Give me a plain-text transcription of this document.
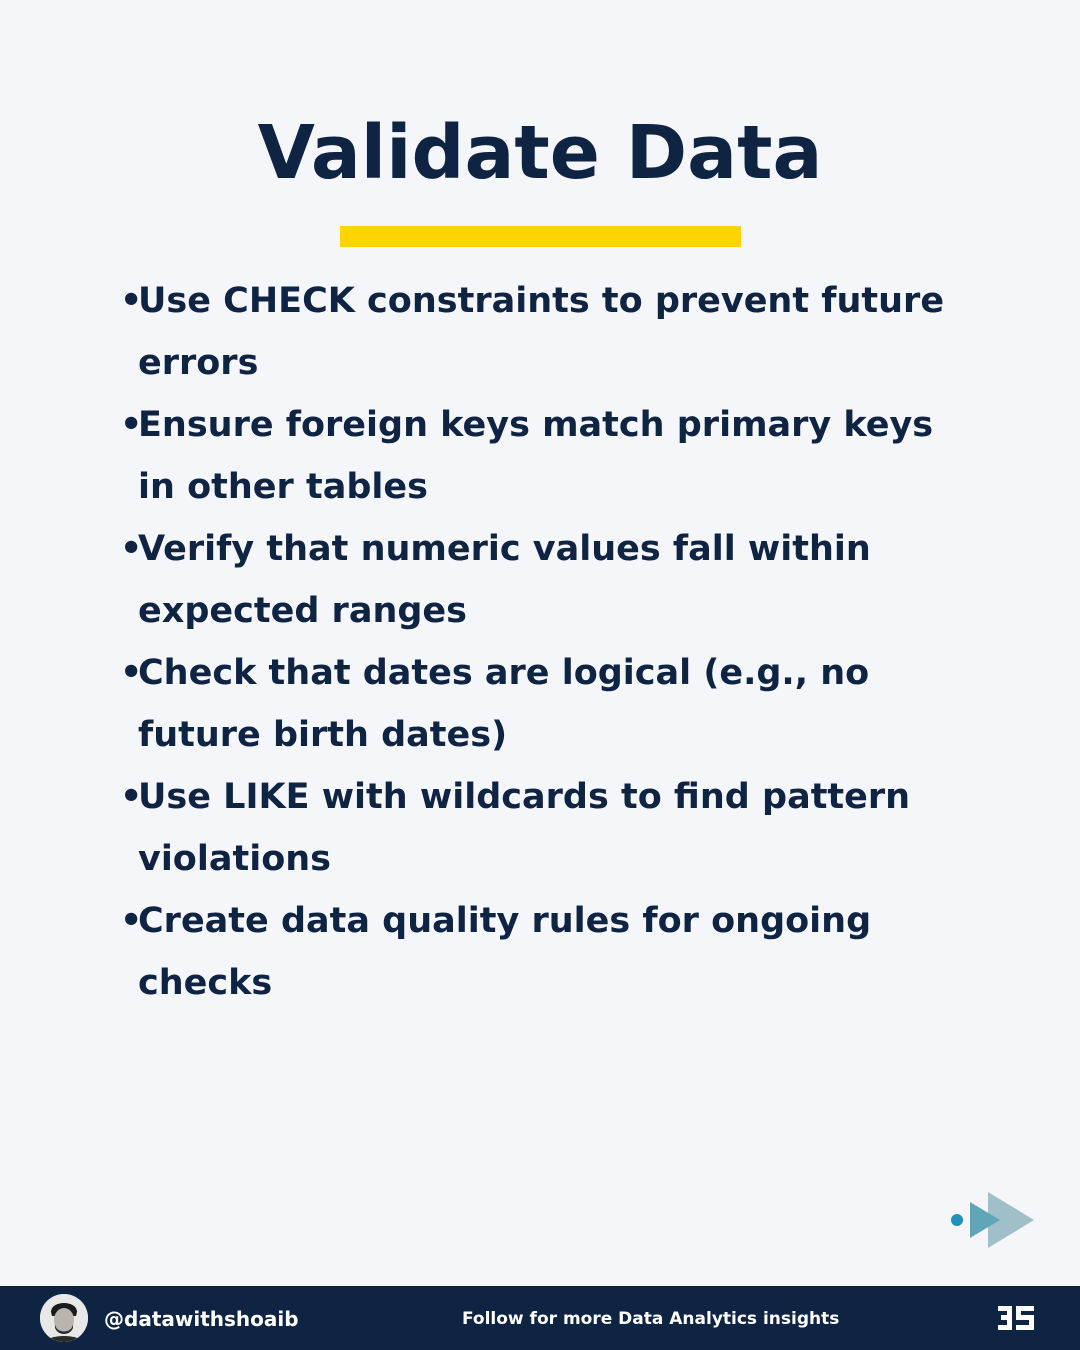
Validate Data
•
Use CHECK constraints to prevent future errors
•
Ensure foreign keys match primary keys in other tables
•
Verify that numeric values fall within expected ranges
•
Check that dates are logical (e.g., no future birth dates)
•
Use LIKE with wildcards to find pattern violations
•
Create data quality rules for ongoing checks
@datawithshoaib	Follow for more Data Analytics insights
